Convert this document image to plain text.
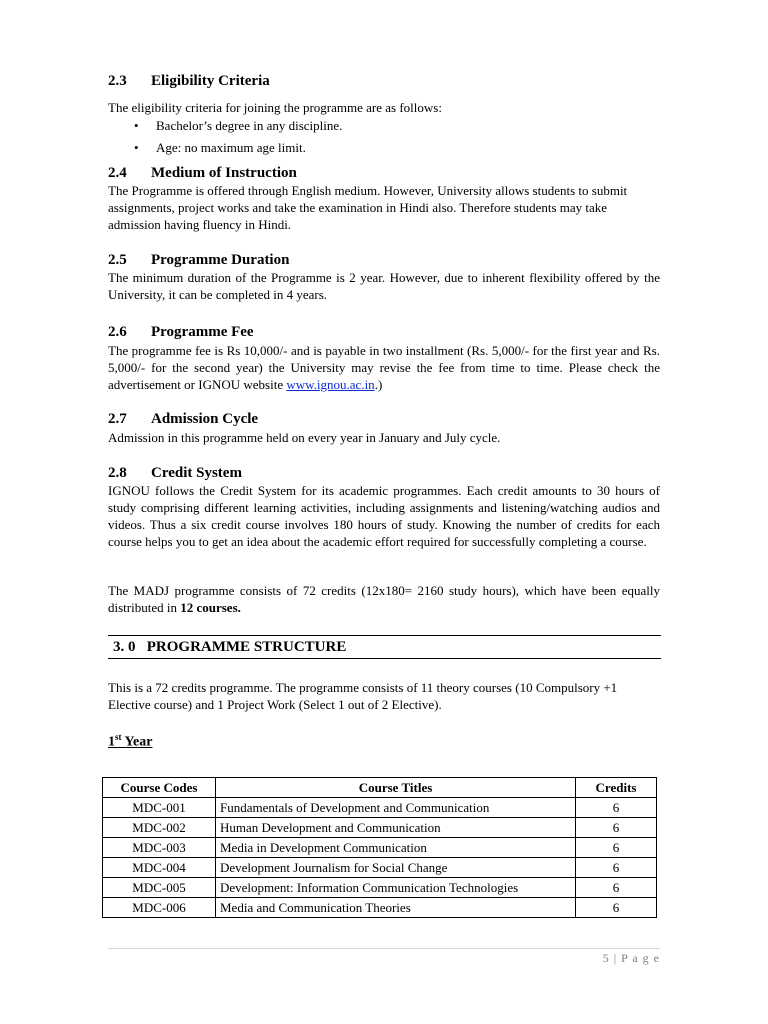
2.3 Eligibility Criteria
The eligibility criteria for joining the programme are as follows:
• Bachelor’s degree in any discipline.
• Age: no maximum age limit.
2.4 Medium of Instruction
The Programme is offered through English medium. However, University allows students to submit assignments, project works and take the examination in Hindi also. Therefore students may take admission having fluency in Hindi.
2.5 Programme Duration
The minimum duration of the Programme is 2 year. However, due to inherent flexibility offered by the University, it can be completed in 4 years.
2.6 Programme Fee
The programme fee is Rs 10,000/- and is payable in two installment (Rs. 5,000/- for the first year and Rs. 5,000/- for the second year) the University may revise the fee from time to time. Please check the advertisement or IGNOU website www.ignou.ac.in.)
2.7 Admission Cycle
Admission in this programme held on every year in January and July cycle.
2.8 Credit System
IGNOU follows the Credit System for its academic programmes. Each credit amounts to 30 hours of study comprising different learning activities, including assignments and listening/watching audios and videos. Thus a six credit course involves 180 hours of study. Knowing the number of credits for each course helps you to get an idea about the academic effort required for successfully completing a course.
The MADJ programme consists of 72 credits (12x180= 2160 study hours), which have been equally distributed in 12 courses.
3. 0   PROGRAMME STRUCTURE
This is a 72 credits programme. The programme consists of 11 theory courses (10 Compulsory +1 Elective course) and 1 Project Work (Select 1 out of 2 Elective).
1st Year
Course Codes	Course Titles	Credits
MDC-001	Fundamentals of Development and Communication	6
MDC-002	Human Development and Communication	6
MDC-003	Media in Development Communication	6
MDC-004	Development Journalism for Social Change	6
MDC-005	Development: Information Communication Technologies	6
MDC-006	Media and Communication Theories	6
5 | P a g e
